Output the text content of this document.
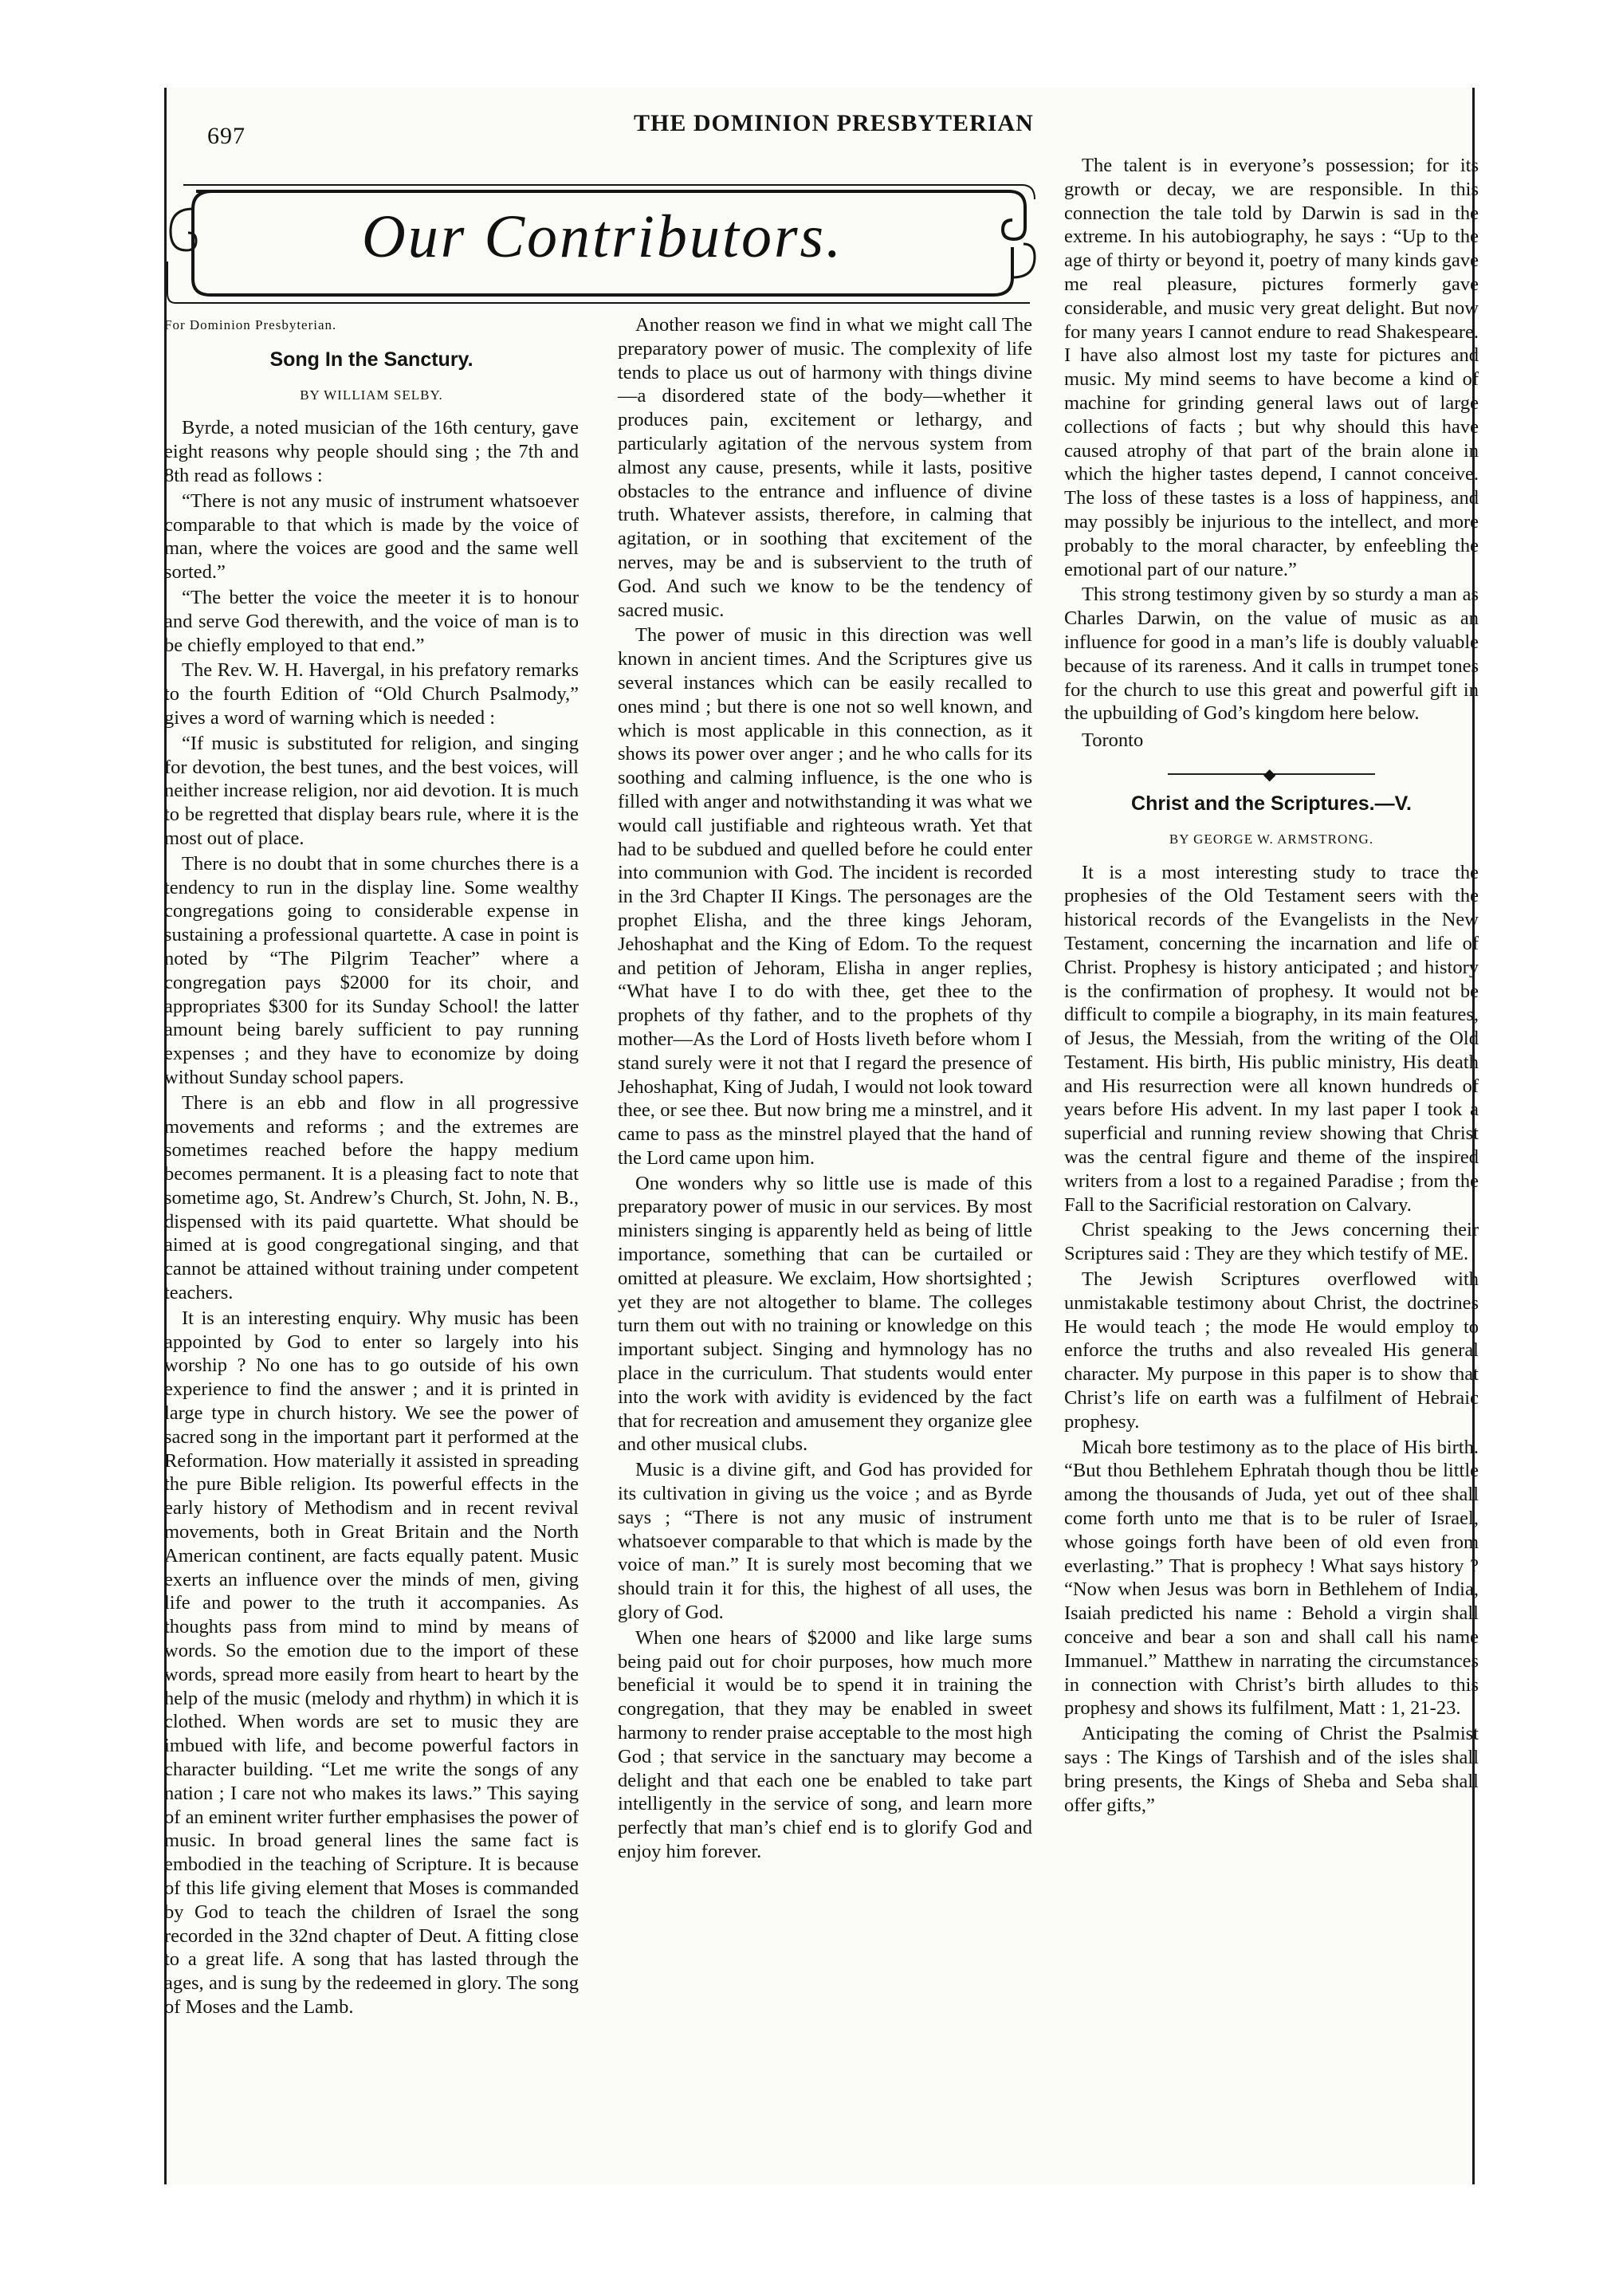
697	THE DOMINION PRESBYTERIAN
Our Contributors.
For Dominion Presbyterian.
Song In the Sanctury.
BY WILLIAM SELBY.

Byrde, a noted musician of the 16th century, gave eight reasons why people should sing ; the 7th and 8th read as follows :

“There is not any music of instrument whatsoever comparable to that which is made by the voice of man, where the voices are good and the same well sorted.”

“The better the voice the meeter it is to honour and serve God therewith, and the voice of man is to be chiefly employed to that end.”

The Rev. W. H. Havergal, in his prefatory remarks to the fourth Edition of “Old Church Psalmody,” gives a word of warning which is needed :

“If music is substituted for religion, and singing for devotion, the best tunes, and the best voices, will neither increase religion, nor aid devotion. It is much to be regretted that display bears rule, where it is the most out of place.

There is no doubt that in some churches there is a tendency to run in the display line. Some wealthy congregations going to considerable expense in sustaining a professional quartette. A case in point is noted by “The Pilgrim Teacher” where a congregation pays $2000 for its choir, and appropriates $300 for its Sunday School! the latter amount being barely sufficient to pay running expenses ; and they have to economize by doing without Sunday school papers.

There is an ebb and flow in all progressive movements and reforms ; and the extremes are sometimes reached before the happy medium becomes permanent. It is a pleasing fact to note that sometime ago, St. Andrew’s Church, St. John, N. B., dispensed with its paid quartette. What should be aimed at is good congregational singing, and that cannot be attained without training under competent teachers.

It is an interesting enquiry. Why music has been appointed by God to enter so largely into his worship ? No one has to go outside of his own experience to find the answer ; and it is printed in large type in church history. We see the power of sacred song in the important part it performed at the Reformation. How materially it assisted in spreading the pure Bible religion. Its powerful effects in the early history of Methodism and in recent revival movements, both in Great Britain and the North American continent, are facts equally patent. Music exerts an influence over the minds of men, giving life and power to the truth it accompanies. As thoughts pass from mind to mind by means of words. So the emotion due to the import of these words, spread more easily from heart to heart by the help of the music (melody and rhythm) in which it is clothed. When words are set to music they are imbued with life, and become powerful factors in character building. “Let me write the songs of any nation ; I care not who makes its laws.” This saying of an eminent writer further emphasises the power of music. In broad general lines the same fact is embodied in the teaching of Scripture. It is because of this life giving element that Moses is commanded by God to teach the children of Israel the song recorded in the 32nd chapter of Deut. A fitting close to a great life. A song that has lasted through the ages, and is sung by the redeemed in glory. The song of Moses and the Lamb.

Another reason we find in what we might call The preparatory power of music. The complexity of life tends to place us out of harmony with things divine—a disordered state of the body—whether it produces pain, excitement or lethargy, and particularly agitation of the nervous system from almost any cause, presents, while it lasts, positive obstacles to the entrance and influence of divine truth. Whatever assists, therefore, in calming that agitation, or in soothing that excitement of the nerves, may be and is subservient to the truth of God. And such we know to be the tendency of sacred music.

The power of music in this direction was well known in ancient times. And the Scriptures give us several instances which can be easily recalled to ones mind ; but there is one not so well known, and which is most applicable in this connection, as it shows its power over anger ; and he who calls for its soothing and calming influence, is the one who is filled with anger and notwithstanding it was what we would call justifiable and righteous wrath. Yet that had to be subdued and quelled before he could enter into communion with God. The incident is recorded in the 3rd Chapter II Kings. The personages are the prophet Elisha, and the three kings Jehoram, Jehoshaphat and the King of Edom. To the request and petition of Jehoram, Elisha in anger replies, “What have I to do with thee, get thee to the prophets of thy father, and to the prophets of thy mother—As the Lord of Hosts liveth before whom I stand surely were it not that I regard the presence of Jehoshaphat, King of Judah, I would not look toward thee, or see thee. But now bring me a minstrel, and it came to pass as the minstrel played that the hand of the Lord came upon him.

One wonders why so little use is made of this preparatory power of music in our services. By most ministers singing is apparently held as being of little importance, something that can be curtailed or omitted at pleasure. We exclaim, How shortsighted ; yet they are not altogether to blame. The colleges turn them out with no training or knowledge on this important subject. Singing and hymnology has no place in the curriculum. That students would enter into the work with avidity is evidenced by the fact that for recreation and amusement they organize glee and other musical clubs.

Music is a divine gift, and God has provided for its cultivation in giving us the voice ; and as Byrde says ; “There is not any music of instrument whatsoever comparable to that which is made by the voice of man.” It is surely most becoming that we should train it for this, the highest of all uses, the glory of God.

When one hears of $2000 and like large sums being paid out for choir purposes, how much more beneficial it would be to spend it in training the congregation, that they may be enabled in sweet harmony to render praise acceptable to the most high God ; that service in the sanctuary may become a delight and that each one be enabled to take part intelligently in the service of song, and learn more perfectly that man’s chief end is to glorify God and enjoy him forever.

The talent is in everyone’s possession; for its growth or decay, we are responsible. In this connection the tale told by Darwin is sad in the extreme. In his autobiography, he says : “Up to the age of thirty or beyond it, poetry of many kinds gave me real pleasure, pictures formerly gave considerable, and music very great delight. But now for many years I cannot endure to read Shakespeare. I have also almost lost my taste for pictures and music. My mind seems to have become a kind of machine for grinding general laws out of large collections of facts ; but why should this have caused atrophy of that part of the brain alone in which the higher tastes depend, I cannot conceive. The loss of these tastes is a loss of happiness, and may possibly be injurious to the intellect, and more probably to the moral character, by enfeebling the emotional part of our nature.”

This strong testimony given by so sturdy a man as Charles Darwin, on the value of music as an influence for good in a man’s life is doubly valuable because of its rareness. And it calls in trumpet tones for the church to use this great and powerful gift in the upbuilding of God’s kingdom here below.

Toronto
◆
Christ and the Scriptures.—V.
BY GEORGE W. ARMSTRONG.

It is a most interesting study to trace the prophesies of the Old Testament seers with the historical records of the Evangelists in the New Testament, concerning the incarnation and life of Christ. Prophesy is history anticipated ; and history is the confirmation of prophesy. It would not be difficult to compile a biography, in its main features, of Jesus, the Messiah, from the writing of the Old Testament. His birth, His public ministry, His death and His resurrection were all known hundreds of years before His advent. In my last paper I took a superficial and running review showing that Christ was the central figure and theme of the inspired writers from a lost to a regained Paradise ; from the Fall to the Sacrificial restoration on Calvary.

Christ speaking to the Jews concerning their Scriptures said : They are they which testify of ME.

The Jewish Scriptures overflowed with unmistakable testimony about Christ, the doctrines He would teach ; the mode He would employ to enforce the truths and also revealed His general character. My purpose in this paper is to show that Christ’s life on earth was a fulfilment of Hebraic prophesy.

Micah bore testimony as to the place of His birth. “But thou Bethlehem Ephratah though thou be little among the thousands of Juda, yet out of thee shall come forth unto me that is to be ruler of Israel, whose goings forth have been of old even from everlasting.” That is prophecy ! What says history ? “Now when Jesus was born in Bethlehem of India, Isaiah predicted his name : Behold a virgin shall conceive and bear a son and shall call his name Immanuel.” Matthew in narrating the circumstances in connection with Christ’s birth alludes to this prophesy and shows its fulfilment, Matt : 1, 21-23.

Anticipating the coming of Christ the Psalmist says : The Kings of Tarshish and of the isles shall bring presents, the Kings of Sheba and Seba shall offer gifts,”
